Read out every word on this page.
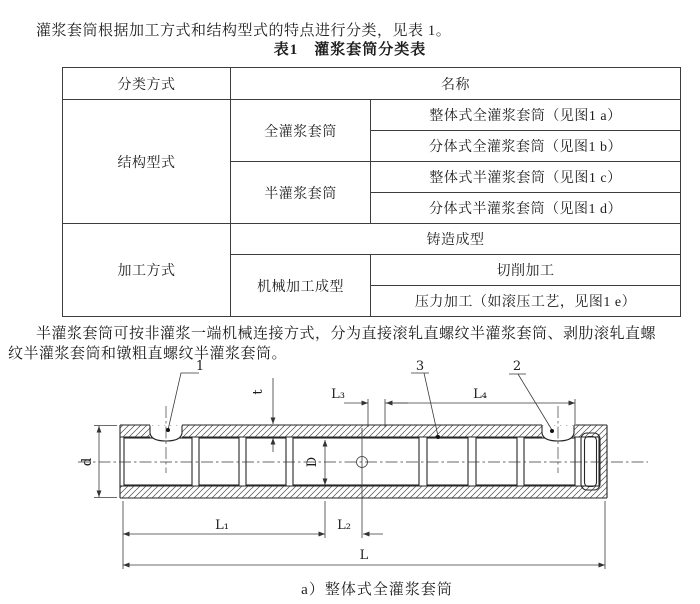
灌浆套筒根据加工方式和结构型式的特点进行分类，见表 1。

表1　灌浆套筒分类表
分类方式	名称	
结构型式	全灌浆套筒	整体式全灌浆套筒（见图1 a）
		分体式全灌浆套筒（见图1 b）
	半灌浆套筒	整体式半灌浆套筒（见图1 c）
		分体式半灌浆套筒（见图1 d）
加工方式	铸造成型	
	机械加工成型	切削加工
		压力加工（如滚压工艺，见图1 e）

半灌浆套筒可按非灌浆一端机械连接方式，分为直接滚轧直螺纹半灌浆套筒、剥肋滚轧直螺纹半灌浆套筒和镦粗直螺纹半灌浆套筒。

1	3	2
t	L₃	L₄
d	D
L₁	L₂
L
a）整体式全灌浆套筒
